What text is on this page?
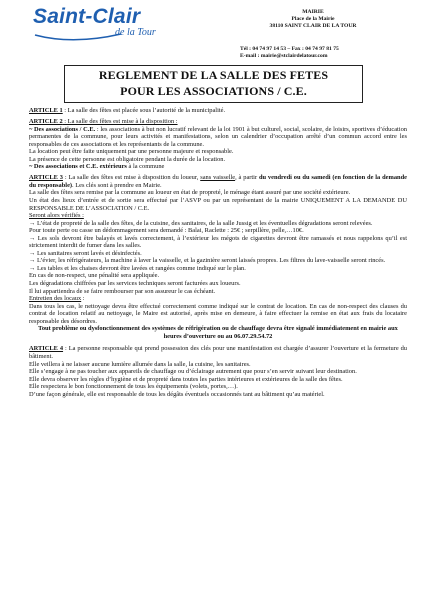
Saint-Clair
de la Tour
MAIRIE
Place de la Mairie
38110 SAINT CLAIR DE LA TOUR
Tél : 04 74 97 14 53 – Fax : 04 74 97 81 75
E-mail : mairie@stclairdelatour.com
REGLEMENT DE LA SALLE DES FETES
POUR LES ASSOCIATIONS / C.E.

ARTICLE 1 : La salle des fêtes est placée sous l’autorité de la municipalité.

ARTICLE 2 : La salle des fêtes est mise à la disposition :

~ Des associations / C.E. : les associations à but non lucratif relevant de la loi 1901 à but culturel, social, scolaire, de loisirs, sportives d’éducation permanentes de la commune, pour leurs activités et manifestations, selon un calendrier d’occupation arrêté d’un commun accord entre les responsables de ces associations et les représentants de la commune.

La location peut être faite uniquement par une personne majeure et responsable.

La présence de cette personne est obligatoire pendant la durée de la location.

~ Des associations et C.E. extérieurs à la commune

ARTICLE 3 : La salle des fêtes est mise à disposition du loueur, sans vaisselle, à partir du vendredi ou du samedi (en fonction de la demande du responsable). Les clés sont à prendre en Mairie.

La salle des fêtes sera remise par la commune au loueur en état de propreté, le ménage étant assuré par une société extérieure.

Un état des lieux d’entrée et de sortie sera effectué par l’ASVP ou par un représentant de la mairie UNIQUEMENT A LA DEMANDE DU RESPONSABLE DE L’ASSOCIATION / C.E.

Seront alors vérifiés :

→ L’état de propreté de la salle des fêtes, de la cuisine, des sanitaires, de la salle Jussig et les éventuelles dégradations seront relevées.

Pour toute perte ou casse un dédommagement sera demandé : Balai, Raclette : 25€ ; serpillère, pelle,…10€.

→ Les sols devront être balayés et lavés correctement, à l’extérieur les mégots de cigarettes devront être ramassés et nous rappelons qu’il est strictement interdit de fumer dans les salles.

→ Les sanitaires seront lavés et désinfectés.

→ L’évier, les réfrigérateurs, la machine à laver la vaisselle, et la gazinière seront laissés propres. Les filtres du lave-vaisselle seront rincés.

→ Les tables et les chaises devront être lavées et rangées comme indiqué sur le plan.

En cas de non-respect, une pénalité sera appliquée.

Les dégradations chiffrées par les services techniques seront facturées aux loueurs.

Il lui appartiendra de se faire rembourser par son assureur le cas échéant.

Entretien des locaux :

Dans tous les cas, le nettoyage devra être effectué correctement comme indiqué sur le contrat de location. En cas de non-respect des clauses du contrat de location relatif au nettoyage, le Maire est autorisé, après mise en demeure, à faire effectuer la remise en état aux frais du locataire responsable des désordres.

Tout problème ou dysfonctionnement des systèmes de réfrigération ou de chauffage devra être signalé immédiatement en mairie aux heures d’ouverture ou au 06.07.29.54.72

ARTICLE 4 : La personne responsable qui prend possession des clés pour une manifestation est chargée d’assurer l’ouverture et la fermeture du bâtiment.

Elle veillera à ne laisser aucune lumière allumée dans la salle, la cuisine, les sanitaires.

Elle s’engage à ne pas toucher aux appareils de chauffage ou d’éclairage autrement que pour s’en servir suivant leur destination.

Elle devra observer les règles d’hygiène et de propreté dans toutes les parties intérieures et extérieures de la salle des fêtes.

Elle respectera le bon fonctionnement de tous les équipements (volets, portes,…).

D’une façon générale, elle est responsable de tous les dégâts éventuels occasionnés tant au bâtiment qu’au matériel.
